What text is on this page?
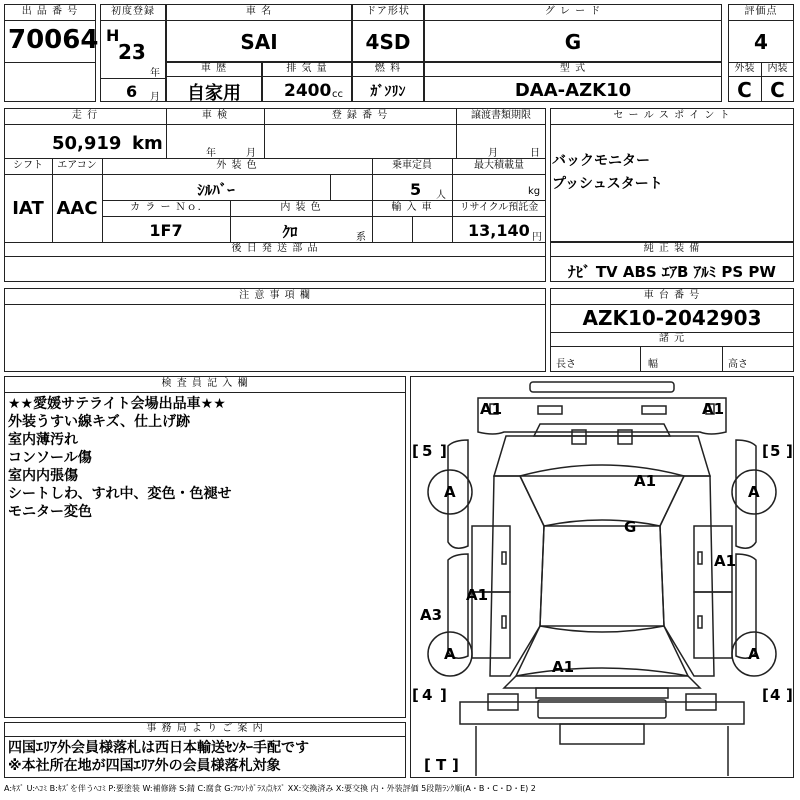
出 品 番 号
70064
初度登録
H
23
年
6 月
車 名
SAI
ドア形状
4SD
グ レ ー ド
G
評価点
4
外装	内装
C C
車 歴
自家用
排 気 量
2400 cc
燃 料
ｶﾞｿﾘﾝ
型 式
DAA-AZK10
走 行
50,919 km
車 検
年	月
登 録 番 号	譲渡書類期限
月	日
シフト
IAT
エアコン
AAC
外 装 色
ｼﾙﾊﾞｰ
乗車定員
5 人
最大積載量
kg
カ ラ ー Ｎｏ.
1F7
内 装 色
ｸﾛ	系
輸 入 車	リサイクル預託金
13,140 円
後 日 発 送 部 品
セ ー ル ス ポ イ ン ト
バックモニター
プッシュスタート
純 正 装 備
ﾅﾋﾞ TV ABS ｴｱB ｱﾙﾐ PS PW
注 意 事 項 欄	車 台 番 号
AZK10-2042903
諸 元
長さ	幅	高さ
検 査 員 記 入 欄
★★愛媛サテライト会場出品車★★
外装うすい線キズ、仕上げ跡
室内薄汚れ
コンソール傷
室内内張傷
シートしわ、すれ中、変色・色褪せ
モニター変色
事 務 局 よ り ご 案 内
四国ｴﾘｱ外会員様落札は西日本輸送ｾﾝﾀｰ手配です
※本社所在地が四国ｴﾘｱ外の会員様落札対象
A1	A1
A1
G
A1
A1
A3
A1
A	A
A	A
[ 5 ]	[ 5 ]
[ 4 ]	[ 4 ]
[ T ]
A:ｷｽﾞ U:ﾍｺﾐ B:ｷｽﾞを伴うﾍｺﾐ P:要塗装 W:補修跡 S:錆 C:腐食 G:ﾌﾛﾝﾄｶﾞﾗｽ点ｷｽﾞ XX:交換済み X:要交換 内・外装評価 5段階ﾗﾝｸ順(A・B・C・D・E) 2
